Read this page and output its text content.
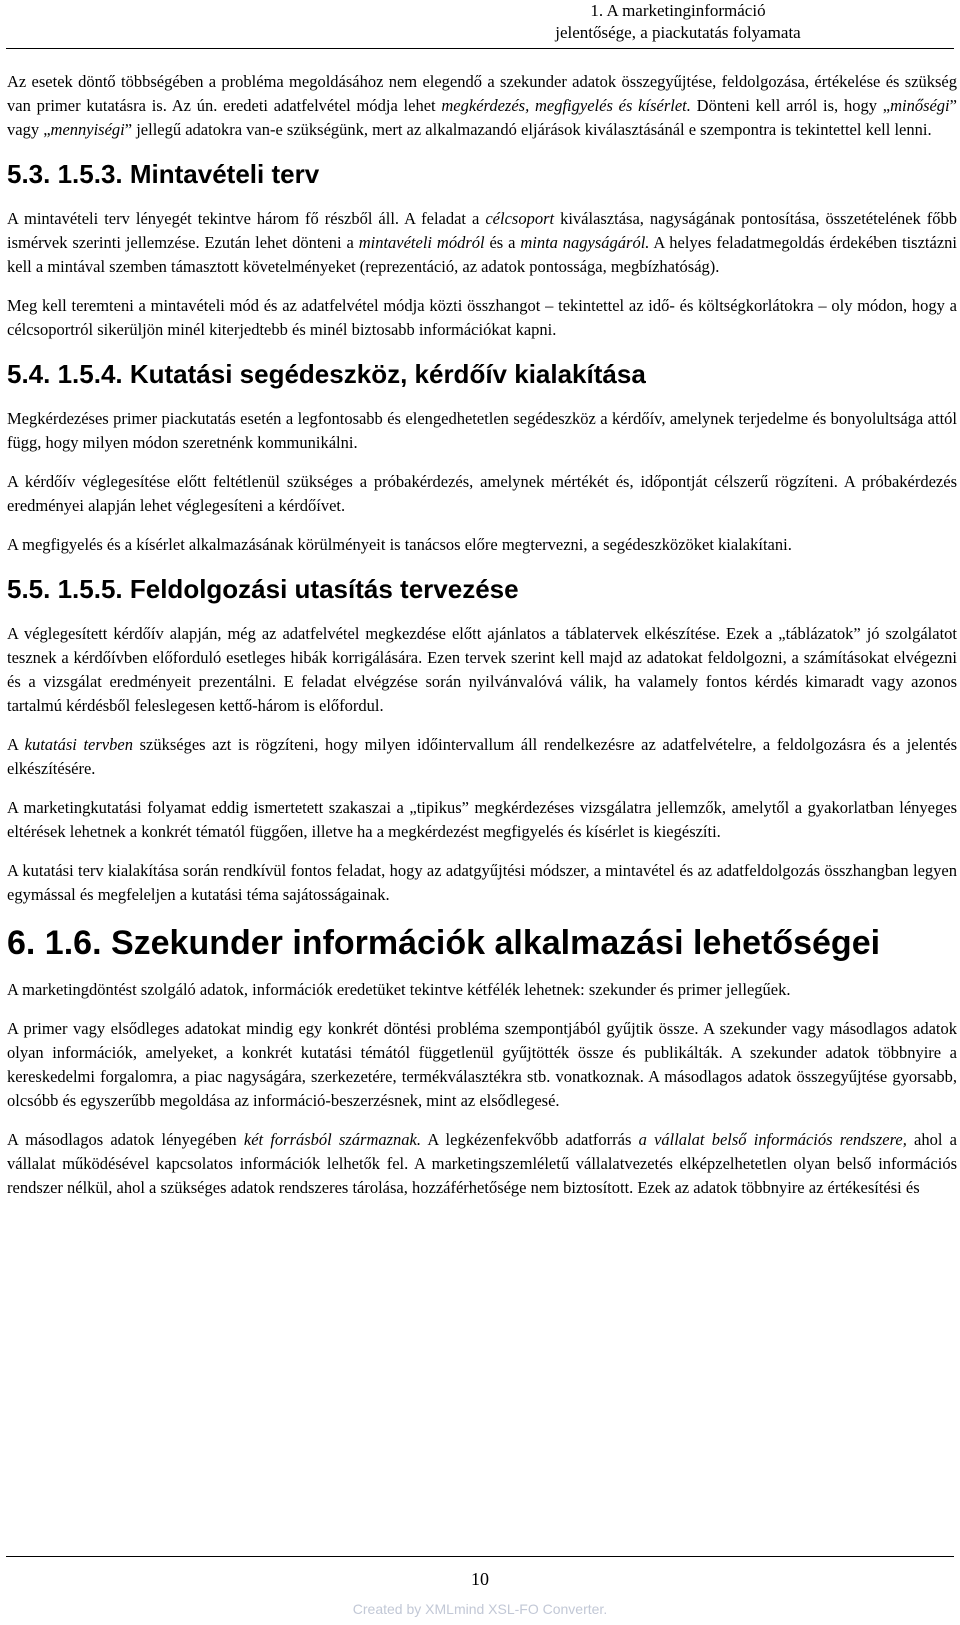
1. A marketinginformáció
jelentősége, a piackutatás folyamata

Az esetek döntő többségében a probléma megoldásához nem elegendő a szekunder adatok összegyűjtése, feldolgozása, értékelése és szükség van primer kutatásra is. Az ún. eredeti adatfelvétel módja lehet megkérdezés, megfigyelés és kísérlet. Dönteni kell arról is, hogy „minőségi” vagy „mennyiségi” jellegű adatokra van-e szükségünk, mert az alkalmazandó eljárások kiválasztásánál e szempontra is tekintettel kell lenni.

5.3. 1.5.3. Mintavételi terv

A mintavételi terv lényegét tekintve három fő részből áll. A feladat a célcsoport kiválasztása, nagyságának pontosítása, összetételének főbb ismérvek szerinti jellemzése. Ezután lehet dönteni a mintavételi módról és a minta nagyságáról. A helyes feladatmegoldás érdekében tisztázni kell a mintával szemben támasztott követelményeket (reprezentáció, az adatok pontossága, megbízhatóság).

Meg kell teremteni a mintavételi mód és az adatfelvétel módja közti összhangot – tekintettel az idő- és költségkorlátokra – oly módon, hogy a célcsoportról sikerüljön minél kiterjedtebb és minél biztosabb információkat kapni.

5.4. 1.5.4. Kutatási segédeszköz, kérdőív kialakítása

Megkérdezéses primer piackutatás esetén a legfontosabb és elengedhetetlen segédeszköz a kérdőív, amelynek terjedelme és bonyolultsága attól függ, hogy milyen módon szeretnénk kommunikálni.

A kérdőív véglegesítése előtt feltétlenül szükséges a próbakérdezés, amelynek mértékét és, időpontját célszerű rögzíteni. A próbakérdezés eredményei alapján lehet véglegesíteni a kérdőívet.

A megfigyelés és a kísérlet alkalmazásának körülményeit is tanácsos előre megtervezni, a segédeszközöket kialakítani.

5.5. 1.5.5. Feldolgozási utasítás tervezése

A véglegesített kérdőív alapján, még az adatfelvétel megkezdése előtt ajánlatos a táblatervek elkészítése. Ezek a „táblázatok” jó szolgálatot tesznek a kérdőívben előforduló esetleges hibák korrigálására. Ezen tervek szerint kell majd az adatokat feldolgozni, a számításokat elvégezni és a vizsgálat eredményeit prezentálni. E feladat elvégzése során nyilvánvalóvá válik, ha valamely fontos kérdés kimaradt vagy azonos tartalmú kérdésből feleslegesen kettő-három is előfordul.

A kutatási tervben szükséges azt is rögzíteni, hogy milyen időintervallum áll rendelkezésre az adatfelvételre, a feldolgozásra és a jelentés elkészítésére.

A marketingkutatási folyamat eddig ismertetett szakaszai a „tipikus” megkérdezéses vizsgálatra jellemzők, amelytől a gyakorlatban lényeges eltérések lehetnek a konkrét tématól függően, illetve ha a megkérdezést megfigyelés és kísérlet is kiegészíti.

A kutatási terv kialakítása során rendkívül fontos feladat, hogy az adatgyűjtési módszer, a mintavétel és az adatfeldolgozás összhangban legyen egymással és megfeleljen a kutatási téma sajátosságainak.

6. 1.6. Szekunder információk alkalmazási lehetőségei

A marketingdöntést szolgáló adatok, információk eredetüket tekintve kétfélék lehetnek: szekunder és primer jellegűek.

A primer vagy elsődleges adatokat mindig egy konkrét döntési probléma szempontjából gyűjtik össze. A szekunder vagy másodlagos adatok olyan információk, amelyeket, a konkrét kutatási témától függetlenül gyűjtötték össze és publikálták. A szekunder adatok többnyire a kereskedelmi forgalomra, a piac nagyságára, szerkezetére, termékválasztékra stb. vonatkoznak. A másodlagos adatok összegyűjtése gyorsabb, olcsóbb és egyszerűbb megoldása az információ-beszerzésnek, mint az elsődlegesé.

A másodlagos adatok lényegében két forrásból származnak. A legkézenfekvőbb adatforrás a vállalat belső információs rendszere, ahol a vállalat működésével kapcsolatos információk lelhetők fel. A marketingszemléletű vállalatvezetés elképzelhetetlen olyan belső információs rendszer nélkül, ahol a szükséges adatok rendszeres tárolása, hozzáférhetősége nem biztosított. Ezek az adatok többnyire az értékesítési és

10
Created by XMLmind XSL-FO Converter.
